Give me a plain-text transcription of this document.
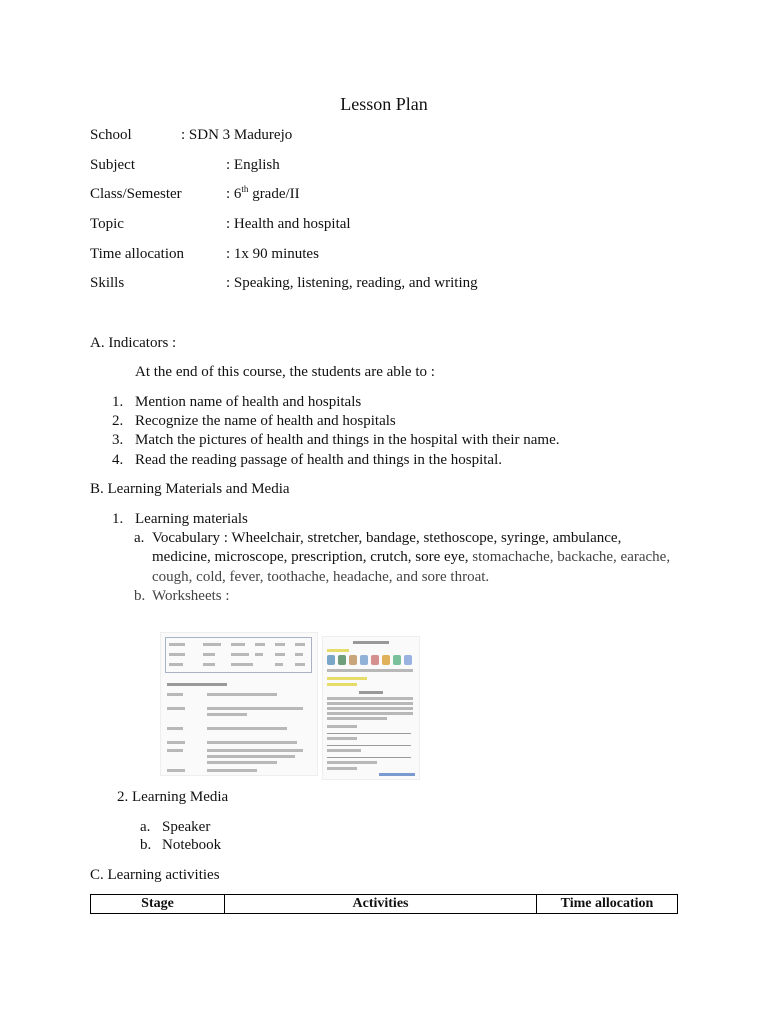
Lesson Plan
School	: SDN 3 Madurejo
Subject	: English
Class/Semester	: 6th grade/II
Topic	: Health and hospital
Time allocation	: 1x 90 minutes
Skills	: Speaking, listening, reading, and writing
A. Indicators :
At the end of this course, the students are able to :
1. Mention name of health and hospitals
2. Recognize the name of health and hospitals
3. Match the pictures of health and things in the hospital with their name.
4. Read the reading passage of health and things in the hospital.
B. Learning Materials and Media
1. Learning materials
a. Vocabulary : Wheelchair, stretcher, bandage, stethoscope, syringe, ambulance,
medicine, microscope, prescription, crutch, sore eye, stomachache, backache, earache,
cough, cold, fever, toothache, headache, and sore throat.
b. Worksheets :
2. Learning Media
a. Speaker
b. Notebook
C. Learning activities
Stage	Activities	Time allocation
